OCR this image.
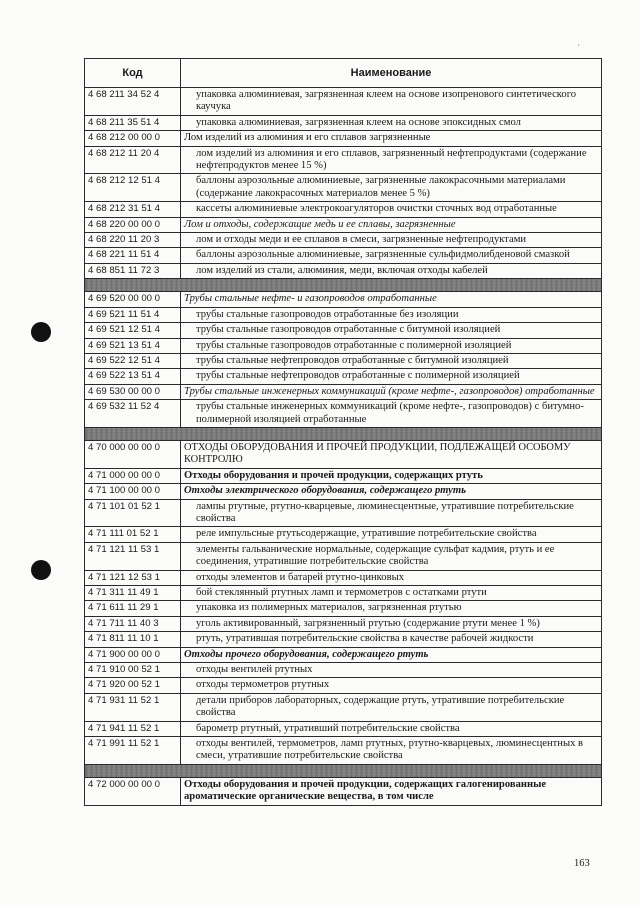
·
Код	Наименование
4 68 211 34 52 4	упаковка алюминиевая, загрязненная клеем на основе изопренового синтетического каучука

4 68 211 35 51 4	упаковка алюминиевая, загрязненная клеем на основе эпоксидных смол

4 68 212 00 00 0	Лом изделий из алюминия и его сплавов загрязненные

4 68 212 11 20 4	лом изделий из алюминия и его сплавов, загрязненный нефтепродуктами (содержание нефтепродуктов менее 15 %)

4 68 212 12 51 4	баллоны аэрозольные алюминиевые, загрязненные лакокрасочными материалами (содержание лакокрасочных материалов менее 5 %)

4 68 212 31 51 4	кассеты алюминиевые электрокоагуляторов очистки сточных вод отработанные

4 68 220 00 00 0	Лом и отходы, содержащие медь и ее сплавы, загрязненные

4 68 220 11 20 3	лом и отходы меди и ее сплавов в смеси, загрязненные нефтепродуктами

4 68 221 11 51 4	баллоны аэрозольные алюминиевые, загрязненные сульфидмолибденовой смазкой

4 68 851 11 72 3	лом изделий из стали, алюминия, меди, включая отходы кабелей

4 69 520 00 00 0	Трубы стальные нефте- и газопроводов отработанные

4 69 521 11 51 4	трубы стальные газопроводов отработанные без изоляции

4 69 521 12 51 4	трубы стальные газопроводов отработанные с битумной изоляцией

4 69 521 13 51 4	трубы стальные газопроводов отработанные с полимерной изоляцией

4 69 522 12 51 4	трубы стальные нефтепроводов отработанные с битумной изоляцией

4 69 522 13 51 4	трубы стальные нефтепроводов отработанные с полимерной изоляцией

4 69 530 00 00 0	Трубы стальные инженерных коммуникаций (кроме нефте-, газопроводов) отработанные

4 69 532 11 52 4	трубы стальные инженерных коммуникаций (кроме нефте-, газопроводов) с битумно-полимерной изоляцией отработанные

4 70 000 00 00 0	ОТХОДЫ ОБОРУДОВАНИЯ И ПРОЧЕЙ ПРОДУКЦИИ, ПОДЛЕЖАЩЕЙ ОСОБОМУ КОНТРОЛЮ

4 71 000 00 00 0	Отходы оборудования и прочей продукции, содержащих ртуть

4 71 100 00 00 0	Отходы электрического оборудования, содержащего ртуть

4 71 101 01 52 1	лампы ртутные, ртутно-кварцевые, люминесцентные, утратившие потребительские свойства

4 71 111 01 52 1	реле импульсные ртутьсодержащие, утратившие потребительские свойства

4 71 121 11 53 1	элементы гальванические нормальные, содержащие сульфат кадмия, ртуть и ее соединения, утратившие потребительские свойства

4 71 121 12 53 1	отходы элементов и батарей ртутно-цинковых

4 71 311 11 49 1	бой стеклянный ртутных ламп и термометров с остатками ртути

4 71 611 11 29 1	упаковка из полимерных материалов, загрязненная ртутью

4 71 711 11 40 3	уголь активированный, загрязненный ртутью (содержание ртути менее 1 %)

4 71 811 11 10 1	ртуть, утратившая потребительские свойства в качестве рабочей жидкости

4 71 900 00 00 0	Отходы прочего оборудования, содержащего ртуть

4 71 910 00 52 1	отходы вентилей ртутных

4 71 920 00 52 1	отходы термометров ртутных

4 71 931 11 52 1	детали приборов лабораторных, содержащие ртуть, утратившие потребительские свойства

4 71 941 11 52 1	барометр ртутный, утративший потребительские свойства

4 71 991 11 52 1	отходы вентилей, термометров, ламп ртутных, ртутно-кварцевых, люминесцентных в смеси, утратившие потребительские свойства

4 72 000 00 00 0	Отходы оборудования и прочей продукции, содержащих галогенированные ароматические органические вещества, в том числе
163
